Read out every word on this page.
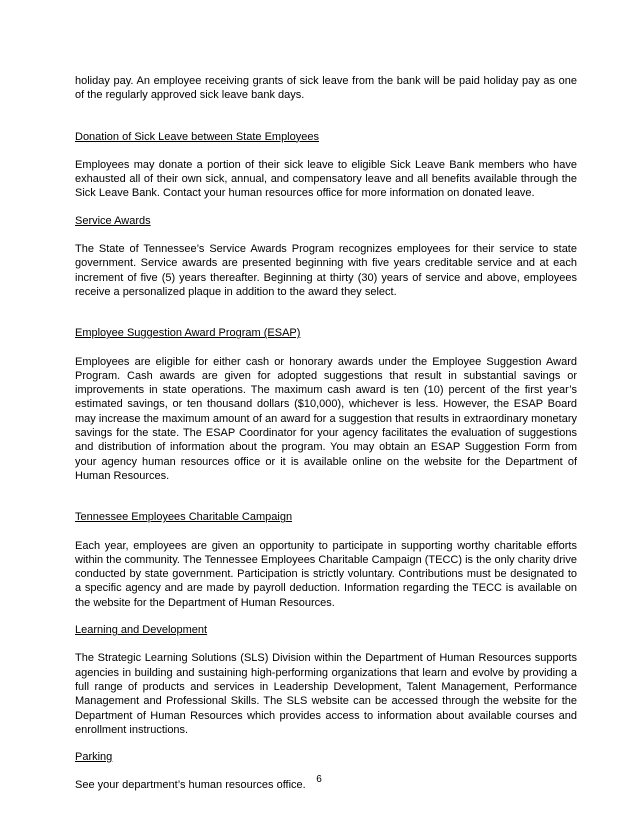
holiday pay. An employee receiving grants of sick leave from the bank will be paid holiday pay as one of the regularly approved sick leave bank days.

Donation of Sick Leave between State Employees

Employees may donate a portion of their sick leave to eligible Sick Leave Bank members who have exhausted all of their own sick, annual, and compensatory leave and all benefits available through the Sick Leave Bank. Contact your human resources office for more information on donated leave.

Service Awards

The State of Tennessee’s Service Awards Program recognizes employees for their service to state government. Service awards are presented beginning with five years creditable service and at each increment of five (5) years thereafter. Beginning at thirty (30) years of service and above, employees receive a personalized plaque in addition to the award they select.

Employee Suggestion Award Program (ESAP)

Employees are eligible for either cash or honorary awards under the Employee Suggestion Award Program. Cash awards are given for adopted suggestions that result in substantial savings or improvements in state operations. The maximum cash award is ten (10) percent of the first year’s estimated savings, or ten thousand dollars ($10,000), whichever is less. However, the ESAP Board may increase the maximum amount of an award for a suggestion that results in extraordinary monetary savings for the state. The ESAP Coordinator for your agency facilitates the evaluation of suggestions and distribution of information about the program. You may obtain an ESAP Suggestion Form from your agency human resources office or it is available online on the website for the Department of Human Resources.

Tennessee Employees Charitable Campaign

Each year, employees are given an opportunity to participate in supporting worthy charitable efforts within the community. The Tennessee Employees Charitable Campaign (TECC) is the only charity drive conducted by state government. Participation is strictly voluntary. Contributions must be designated to a specific agency and are made by payroll deduction. Information regarding the TECC is available on the website for the Department of Human Resources.

Learning and Development

The Strategic Learning Solutions (SLS) Division within the Department of Human Resources supports agencies in building and sustaining high-performing organizations that learn and evolve by providing a full range of products and services in Leadership Development, Talent Management, Performance Management and Professional Skills. The SLS website can be accessed through the website for the Department of Human Resources which provides access to information about available courses and enrollment instructions.

Parking

See your department’s human resources office.	6
